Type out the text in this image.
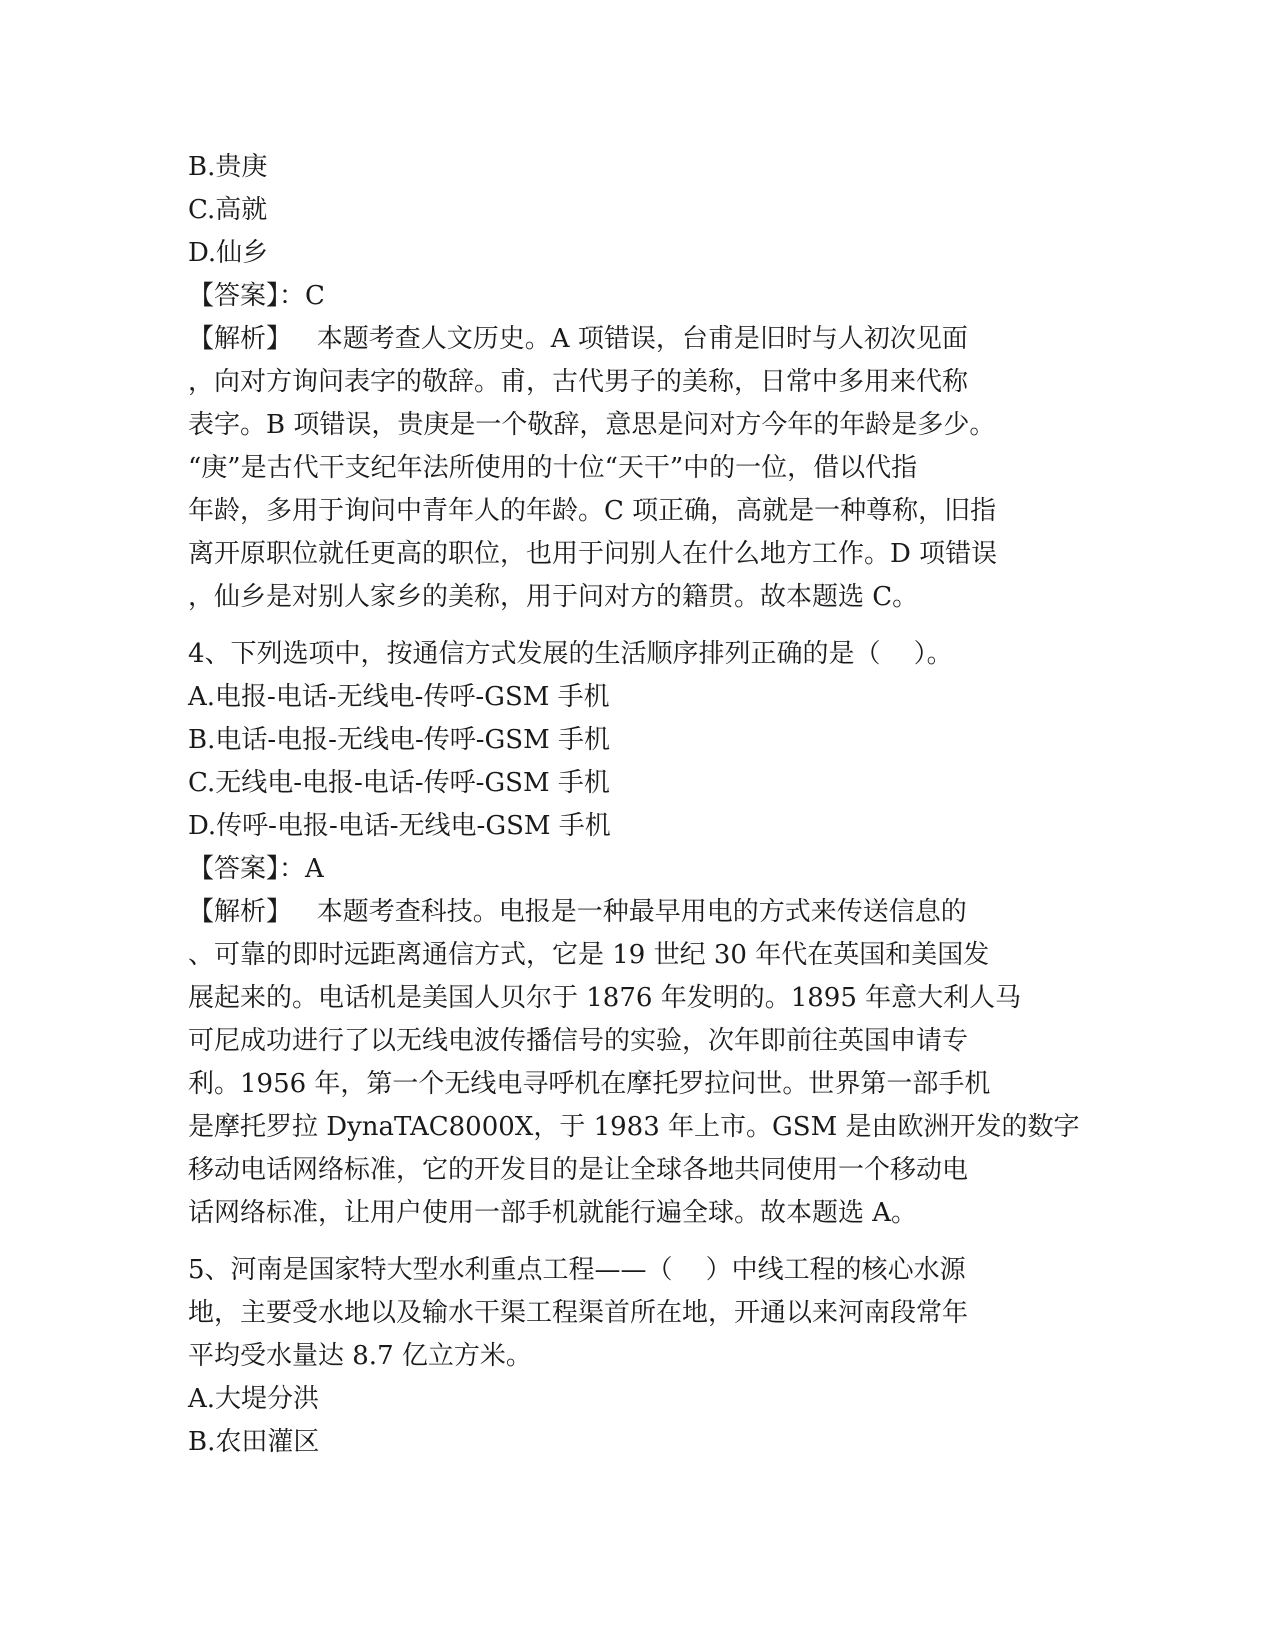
B.贵庚
C.高就
D.仙乡
【答案】：C
【解析】   本题考查人文历史。A 项错误，台甫是旧时与人初次见面
，向对方询问表字的敬辞。甫，古代男子的美称，日常中多用来代称
表字。B 项错误，贵庚是一个敬辞，意思是问对方今年的年龄是多少。
“庚”是古代干支纪年法所使用的十位“天干”中的一位，借以代指
年龄，多用于询问中青年人的年龄。C 项正确，高就是一种尊称，旧指
离开原职位就任更高的职位，也用于问别人在什么地方工作。D 项错误
，仙乡是对别人家乡的美称，用于问对方的籍贯。故本题选 C。
4、下列选项中，按通信方式发展的生活顺序排列正确的是（    ）。
A.电报-电话-无线电-传呼-GSM 手机
B.电话-电报-无线电-传呼-GSM 手机
C.无线电-电报-电话-传呼-GSM 手机
D.传呼-电报-电话-无线电-GSM 手机
【答案】：A
【解析】   本题考查科技。电报是一种最早用电的方式来传送信息的
、可靠的即时远距离通信方式，它是 19 世纪 30 年代在英国和美国发
展起来的。电话机是美国人贝尔于 1876 年发明的。1895 年意大利人马
可尼成功进行了以无线电波传播信号的实验，次年即前往英国申请专
利。1956 年，第一个无线电寻呼机在摩托罗拉问世。世界第一部手机
是摩托罗拉 DynaTAC8000X，于 1983 年上市。GSM 是由欧洲开发的数字
移动电话网络标准，它的开发目的是让全球各地共同使用一个移动电
话网络标准，让用户使用一部手机就能行遍全球。故本题选 A。
5、河南是国家特大型水利重点工程——（    ）中线工程的核心水源
地，主要受水地以及输水干渠工程渠首所在地，开通以来河南段常年
平均受水量达 8.7 亿立方米。
A.大堤分洪
B.农田灌区
